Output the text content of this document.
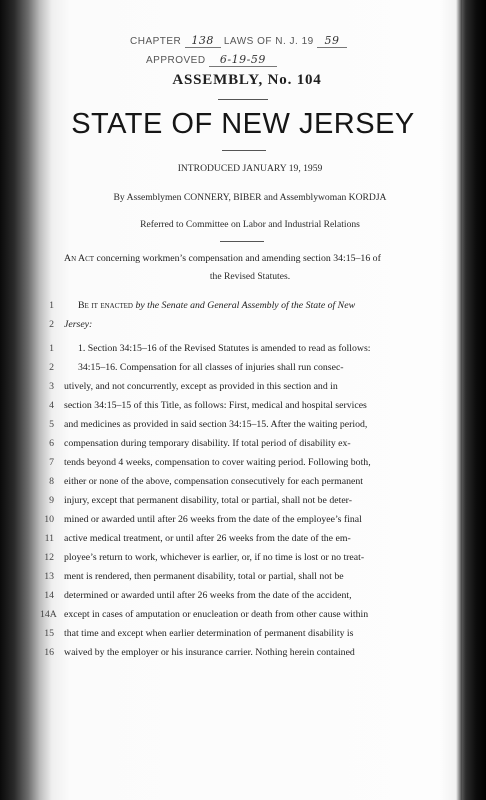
CHAPTER 138 LAWS OF N. J. 19 59
APPROVED 6-19-59
ASSEMBLY, No. 104
STATE OF NEW JERSEY
INTRODUCED JANUARY 19, 1959
By Assemblymen CONNERY, BIBER and Assemblywoman KORDJA
Referred to Committee on Labor and Industrial Relations
An Act concerning workmen’s compensation and amending section 34:15–16 of
the Revised Statutes.
1 Be it enacted by the Senate and General Assembly of the State of New
2 Jersey:
1 1. Section 34:15–16 of the Revised Statutes is amended to read as follows:
2 34:15–16. Compensation for all classes of injuries shall run consec-
3 utively, and not concurrently, except as provided in this section and in
4 section 34:15–15 of this Title, as follows: First, medical and hospital services
5 and medicines as provided in said section 34:15–15. After the waiting period,
6 compensation during temporary disability. If total period of disability ex-
7 tends beyond 4 weeks, compensation to cover waiting period. Following both,
8 either or none of the above, compensation consecutively for each permanent
9 injury, except that permanent disability, total or partial, shall not be deter-
10 mined or awarded until after 26 weeks from the date of the employee’s final
11 active medical treatment, or until after 26 weeks from the date of the em-
12 ployee’s return to work, whichever is earlier, or, if no time is lost or no treat-
13 ment is rendered, then permanent disability, total or partial, shall not be
14 determined or awarded until after 26 weeks from the date of the accident,
14A except in cases of amputation or enucleation or death from other cause within
15 that time and except when earlier determination of permanent disability is
16 waived by the employer or his insurance carrier. Nothing herein contained
